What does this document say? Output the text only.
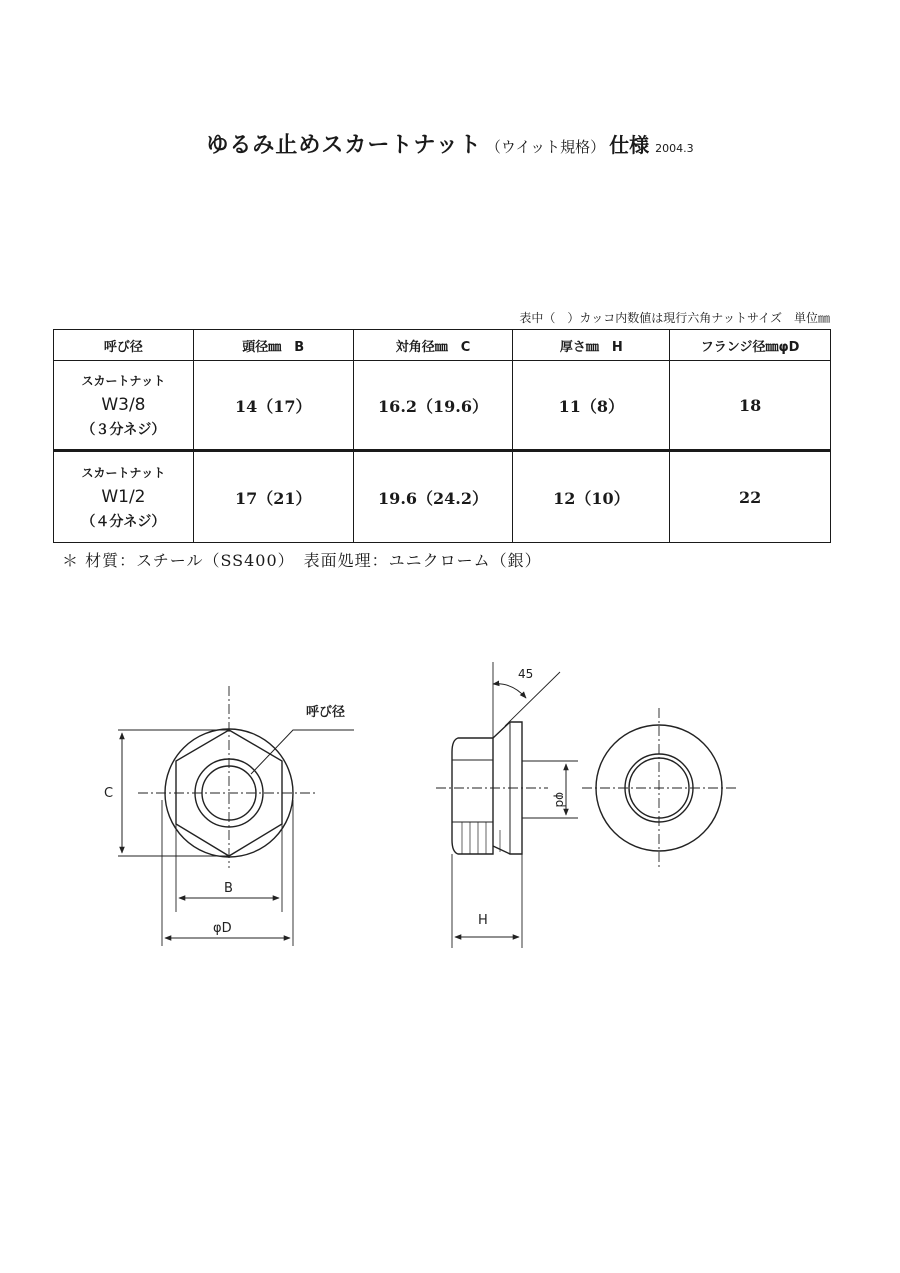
ゆるみ止めスカートナット （ウイット規格） 仕様 2004.3
表中（　）カッコ内数値は現行六角ナットサイズ　単位㎜
呼び径	頭径㎜　B	対角径㎜　C	厚さ㎜　H	フランジ径㎜φD

スカートナット
W3/8
（３分ネジ）	14（17）	16.2（19.6）	11（8）	18

スカートナット
W1/2
（４分ネジ）	17（21）	19.6（24.2）	12（10）	22
＊ 材質：スチール（SS400）　表面処理：ユニクローム（銀）
呼び径
C
B
φD
45
φd
H
